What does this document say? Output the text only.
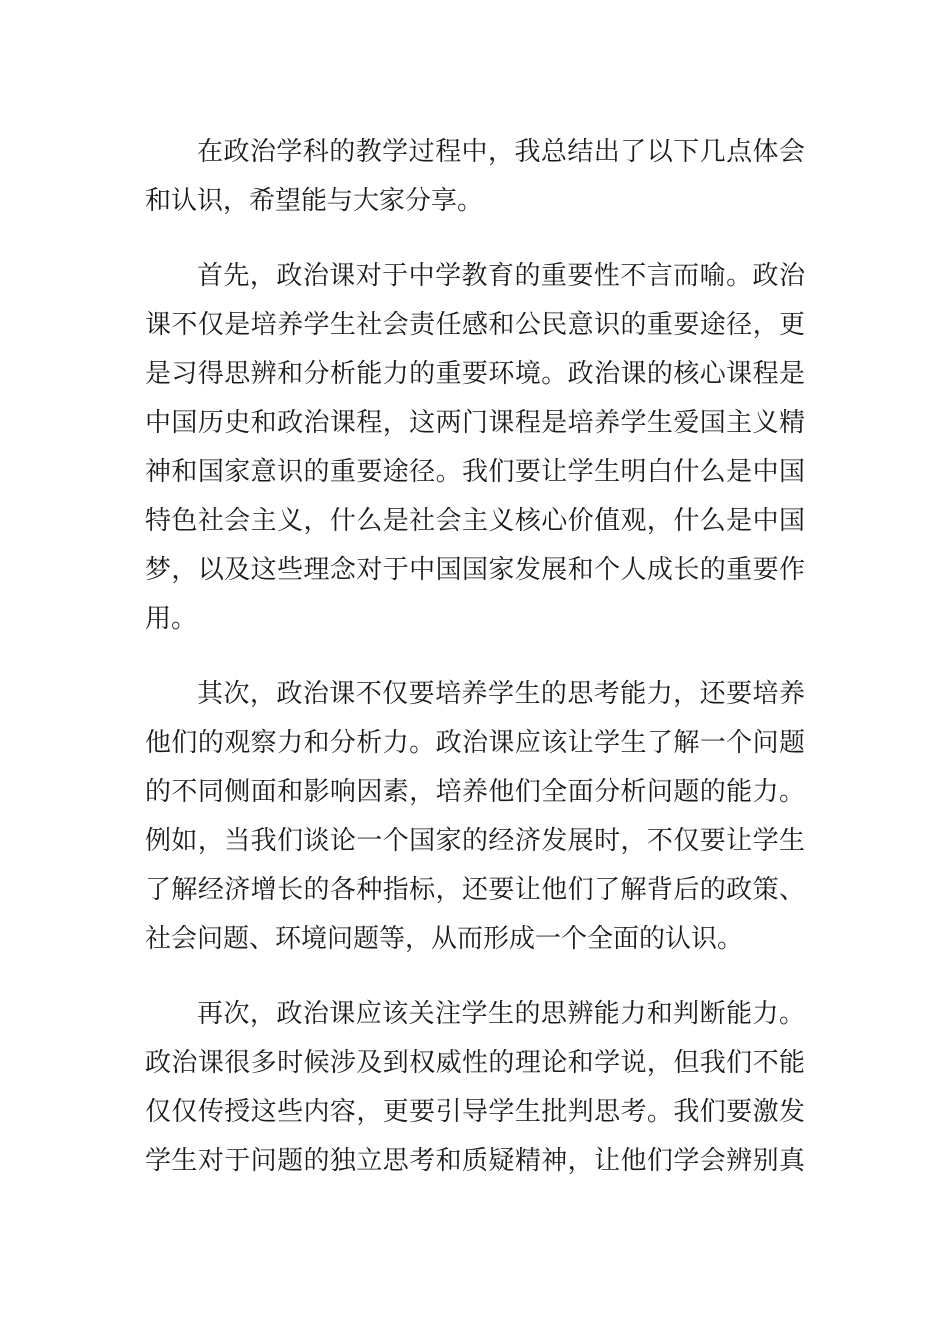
在政治学科的教学过程中，我总结出了以下几点体会
和认识，希望能与大家分享。
首先，政治课对于中学教育的重要性不言而喻。政治
课不仅是培养学生社会责任感和公民意识的重要途径，更
是习得思辨和分析能力的重要环境。政治课的核心课程是
中国历史和政治课程，这两门课程是培养学生爱国主义精
神和国家意识的重要途径。我们要让学生明白什么是中国
特色社会主义，什么是社会主义核心价值观，什么是中国
梦，以及这些理念对于中国国家发展和个人成长的重要作
用。
其次，政治课不仅要培养学生的思考能力，还要培养
他们的观察力和分析力。政治课应该让学生了解一个问题
的不同侧面和影响因素，培养他们全面分析问题的能力。
例如，当我们谈论一个国家的经济发展时，不仅要让学生
了解经济增长的各种指标，还要让他们了解背后的政策、
社会问题、环境问题等，从而形成一个全面的认识。
再次，政治课应该关注学生的思辨能力和判断能力。
政治课很多时候涉及到权威性的理论和学说，但我们不能
仅仅传授这些内容，更要引导学生批判思考。我们要激发
学生对于问题的独立思考和质疑精神，让他们学会辨别真
